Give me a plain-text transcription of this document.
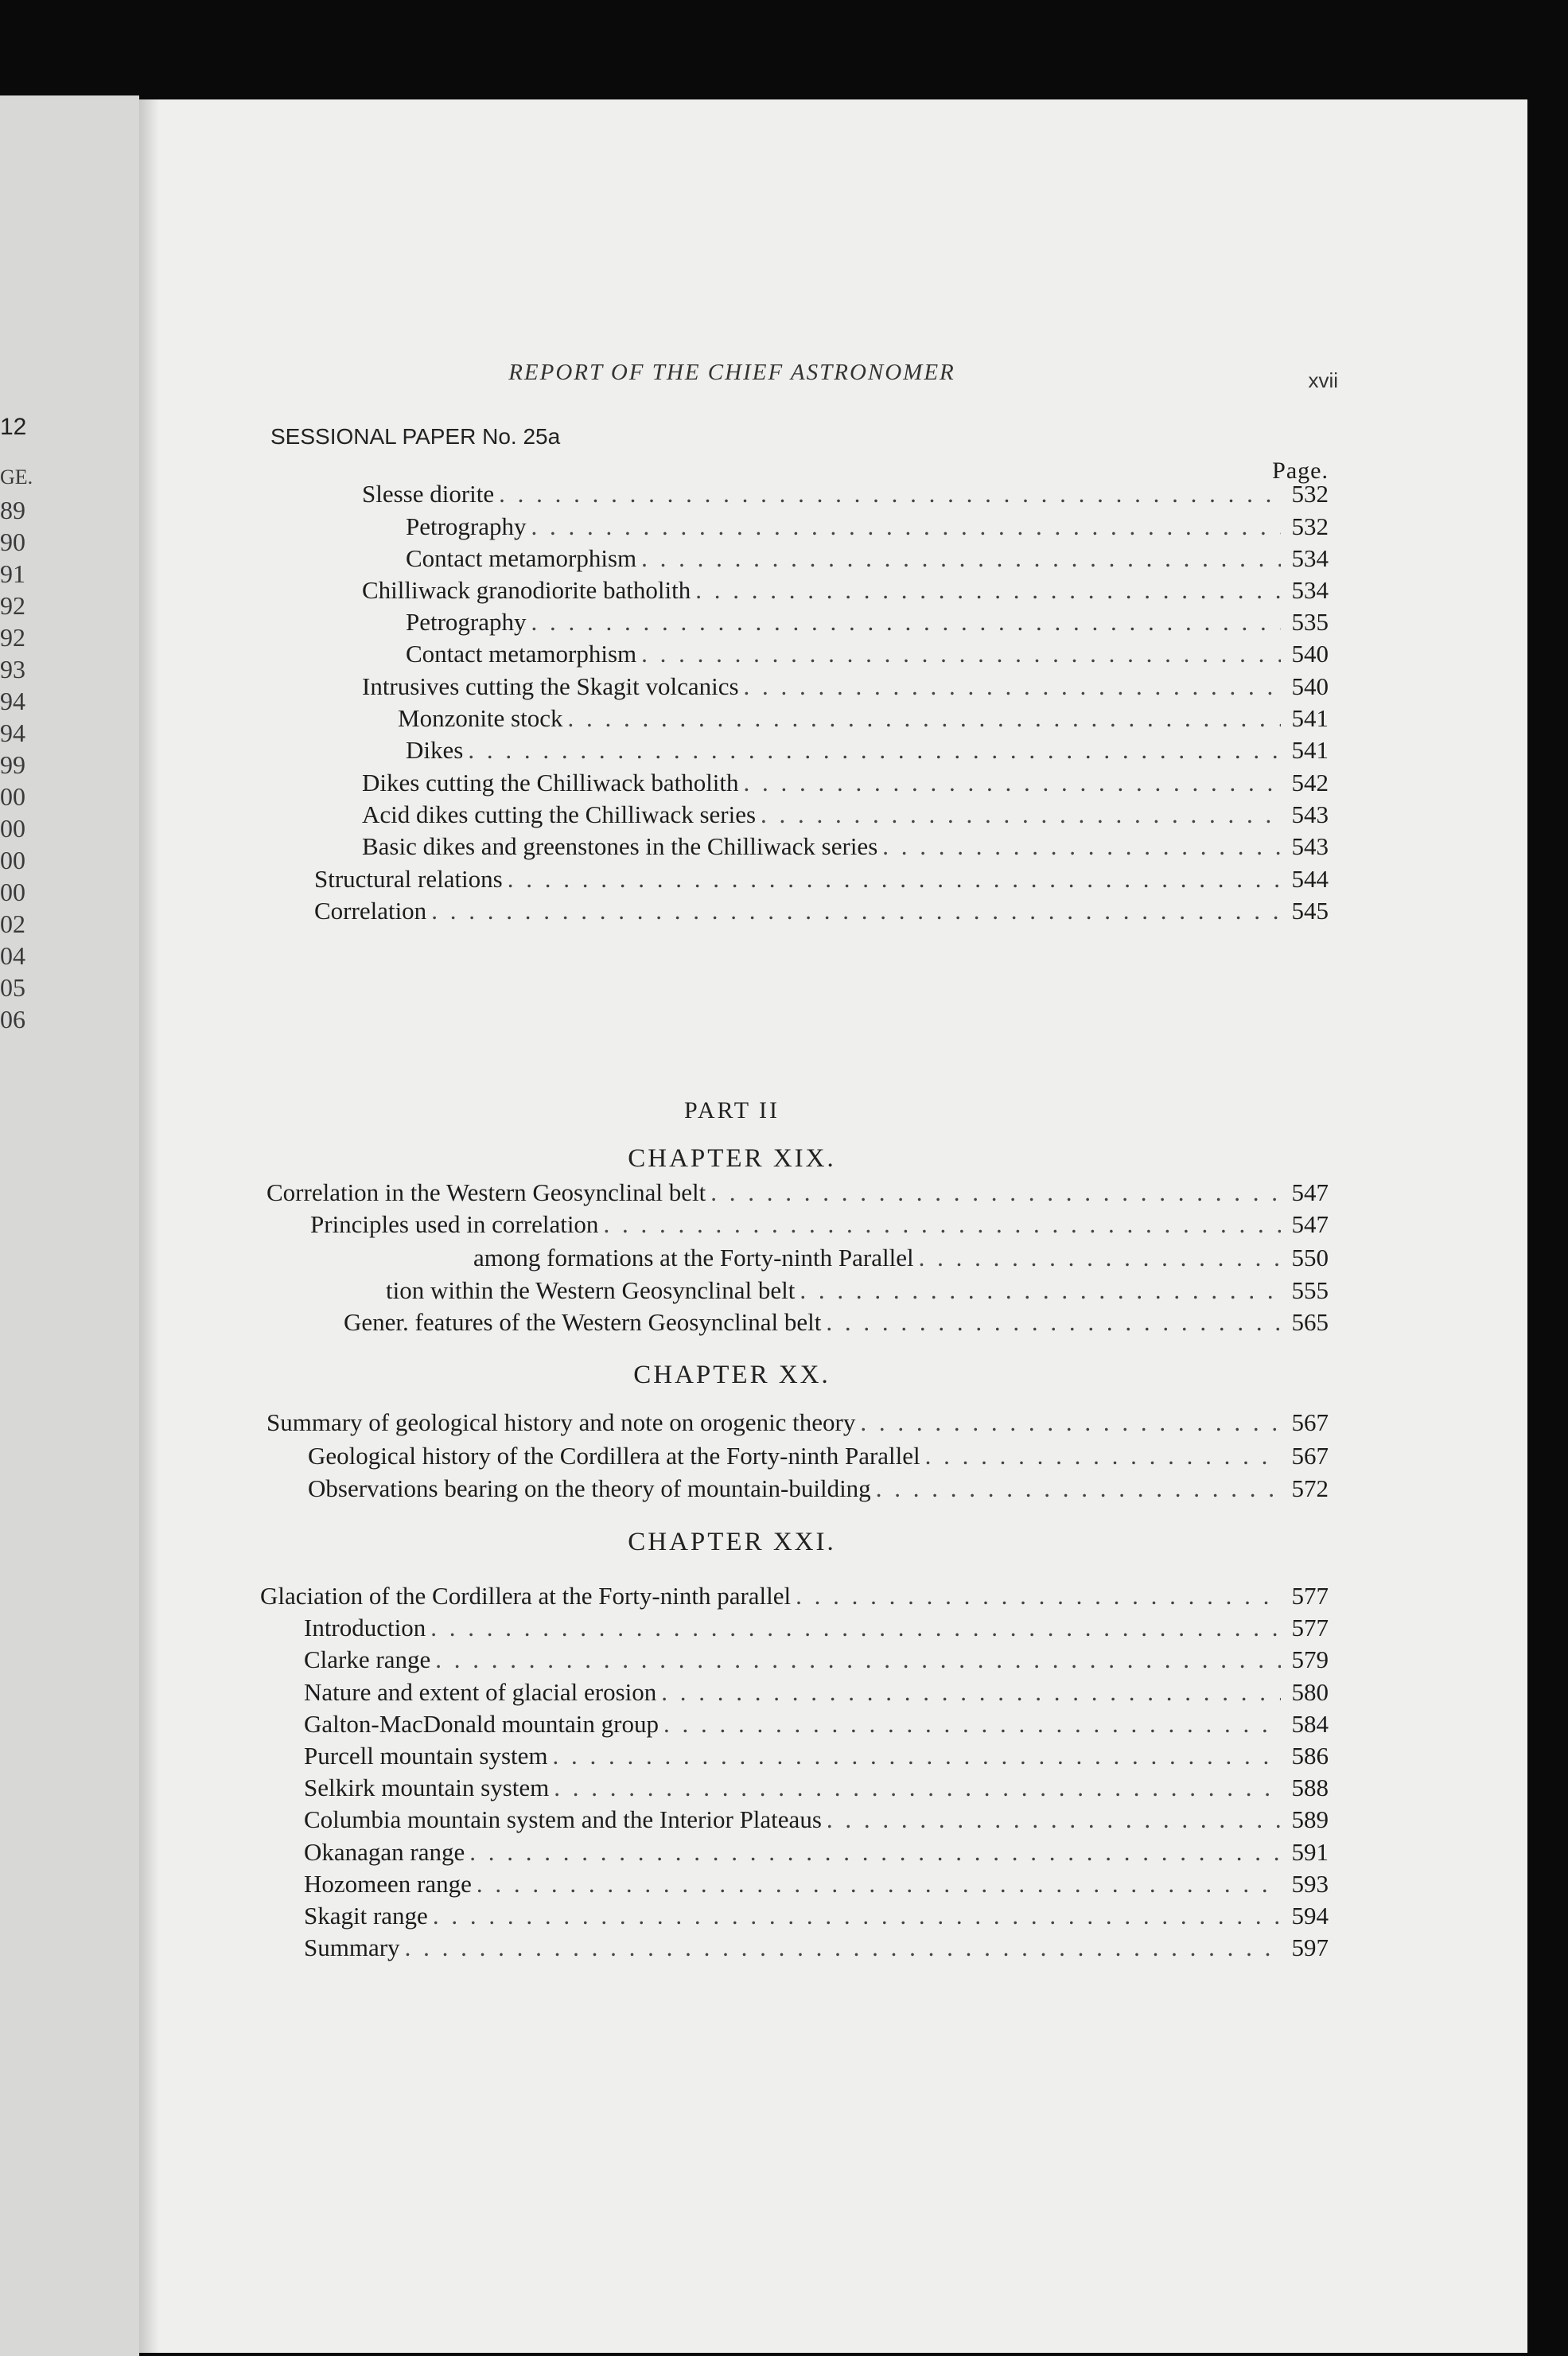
12
GE.
89
90
91
92
92
93
94
94
99
00
00
00
00
02
04
05
06
REPORT OF THE CHIEF ASTRONOMER	xvii
SESSIONAL PAPER No. 25a
Page.
Slesse diorite . . .	532
Petrography . . .	532
Contact metamorphism . . .	534
Chilliwack granodiorite batholith . . .	534
Petrography . . .	535
Contact metamorphism . . .	540
Intrusives cutting the Skagit volcanics . . .	540
Monzonite stock . . .	541
Dikes . . .	541
Dikes cutting the Chilliwack batholith . . .	542
Acid dikes cutting the Chilliwack series . . .	543
Basic dikes and greenstones in the Chilliwack series . . .	543
Structural relations . . .	544
Correlation . . .	545
PART II
CHAPTER XIX.
Correlation in the Western Geosynclinal belt . . .	547
Principles used in correlation . . .	547
among formations at the Forty-ninth Parallel . . .	550
tion within the Western Geosynclinal belt . . .	555
Gener. features of the Western Geosynclinal belt . . .	565
CHAPTER XX.
Summary of geological history and note on orogenic theory . . .	567
Geological history of the Cordillera at the Forty-ninth Parallel . . .	567
Observations bearing on the theory of mountain-building . . .	572
CHAPTER XXI.
Glaciation of the Cordillera at the Forty-ninth parallel . . .	577
Introduction . . .	577
Clarke range . . .	579
Nature and extent of glacial erosion . . .	580
Galton-MacDonald mountain group . . .	584
Purcell mountain system . . .	586
Selkirk mountain system . . .	588
Columbia mountain system and the Interior Plateaus . . .	589
Okanagan range . . .	591
Hozomeen range . . .	593
Skagit range . . .	594
Summary . . .	597
